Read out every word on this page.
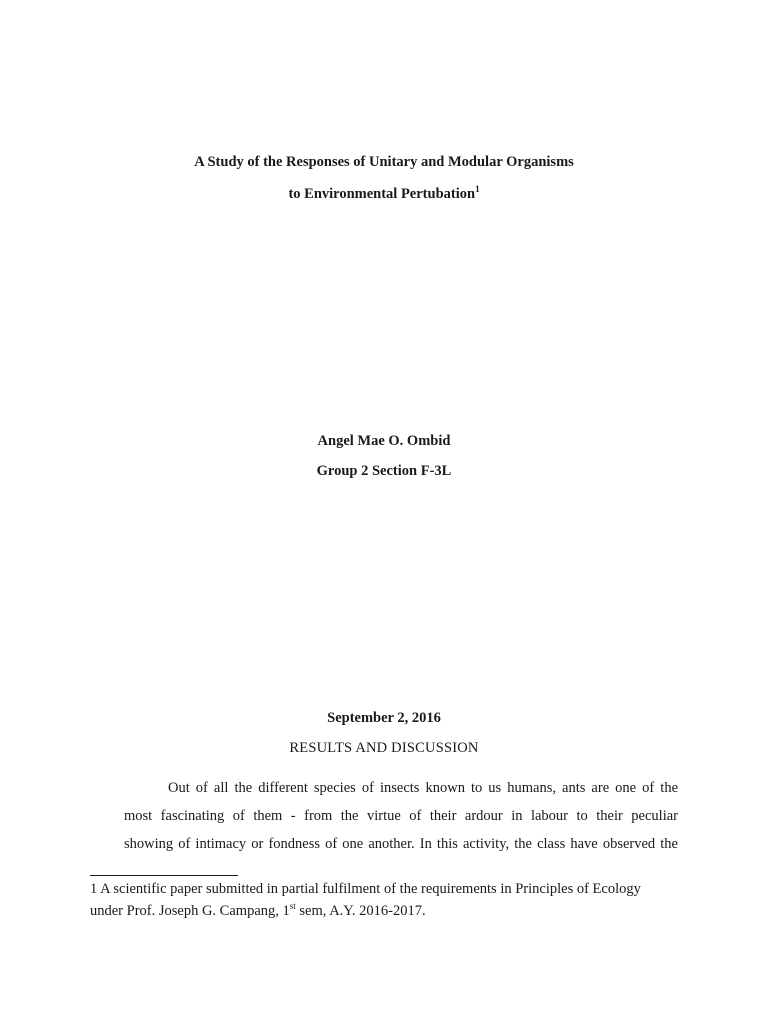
A Study of the Responses of Unitary and Modular Organisms
to Environmental Pertubation$^1$
Angel Mae O. Ombid
Group 2 Section F-3L
September 2, 2016
RESULTS AND DISCUSSION
Out of all the different species of insects known to us humans, ants are one of the
most fascinating of them - from the virtue of their ardour in labour to their peculiar
showing of intimacy or fondness of one another. In this activity, the class have observed the
1 A scientific paper submitted in partial fulfilment of the requirements in Principles of Ecology
under Prof. Joseph G. Campang, 1st sem, A.Y. 2016-2017.
